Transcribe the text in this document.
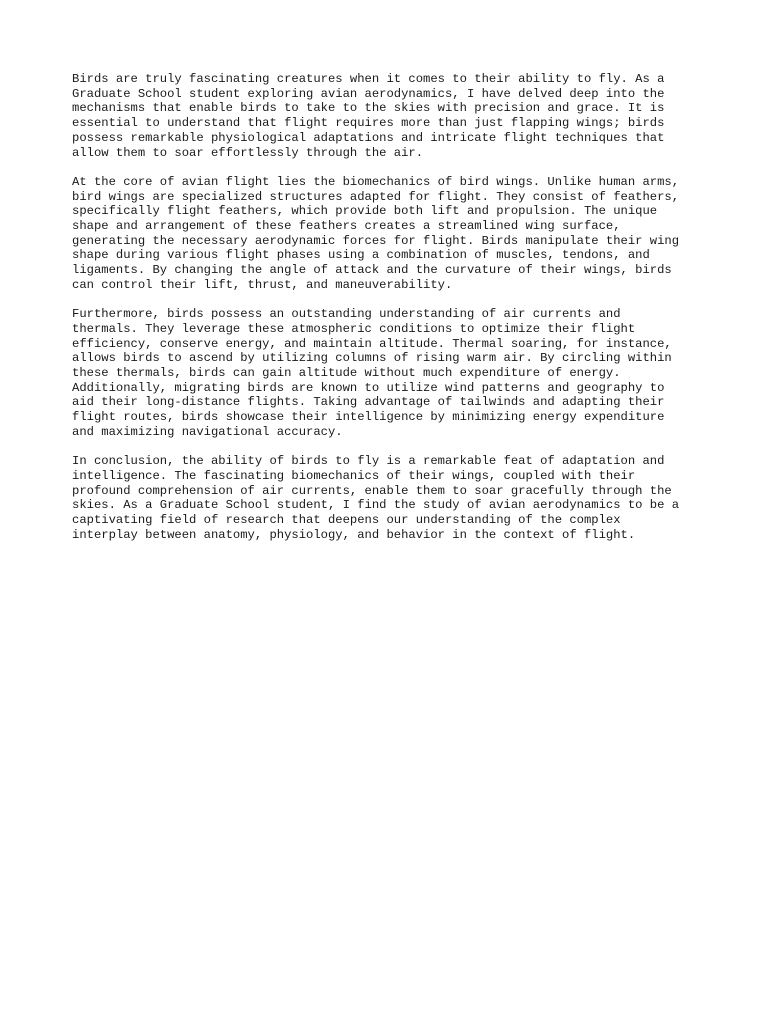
Birds are truly fascinating creatures when it comes to their ability to fly. As a
Graduate School student exploring avian aerodynamics, I have delved deep into the
mechanisms that enable birds to take to the skies with precision and grace. It is
essential to understand that flight requires more than just flapping wings; birds
possess remarkable physiological adaptations and intricate flight techniques that
allow them to soar effortlessly through the air.

At the core of avian flight lies the biomechanics of bird wings. Unlike human arms,
bird wings are specialized structures adapted for flight. They consist of feathers,
specifically flight feathers, which provide both lift and propulsion. The unique
shape and arrangement of these feathers creates a streamlined wing surface,
generating the necessary aerodynamic forces for flight. Birds manipulate their wing
shape during various flight phases using a combination of muscles, tendons, and
ligaments. By changing the angle of attack and the curvature of their wings, birds
can control their lift, thrust, and maneuverability.

Furthermore, birds possess an outstanding understanding of air currents and
thermals. They leverage these atmospheric conditions to optimize their flight
efficiency, conserve energy, and maintain altitude. Thermal soaring, for instance,
allows birds to ascend by utilizing columns of rising warm air. By circling within
these thermals, birds can gain altitude without much expenditure of energy.
Additionally, migrating birds are known to utilize wind patterns and geography to
aid their long-distance flights. Taking advantage of tailwinds and adapting their
flight routes, birds showcase their intelligence by minimizing energy expenditure
and maximizing navigational accuracy.

In conclusion, the ability of birds to fly is a remarkable feat of adaptation and
intelligence. The fascinating biomechanics of their wings, coupled with their
profound comprehension of air currents, enable them to soar gracefully through the
skies. As a Graduate School student, I find the study of avian aerodynamics to be a
captivating field of research that deepens our understanding of the complex
interplay between anatomy, physiology, and behavior in the context of flight.
